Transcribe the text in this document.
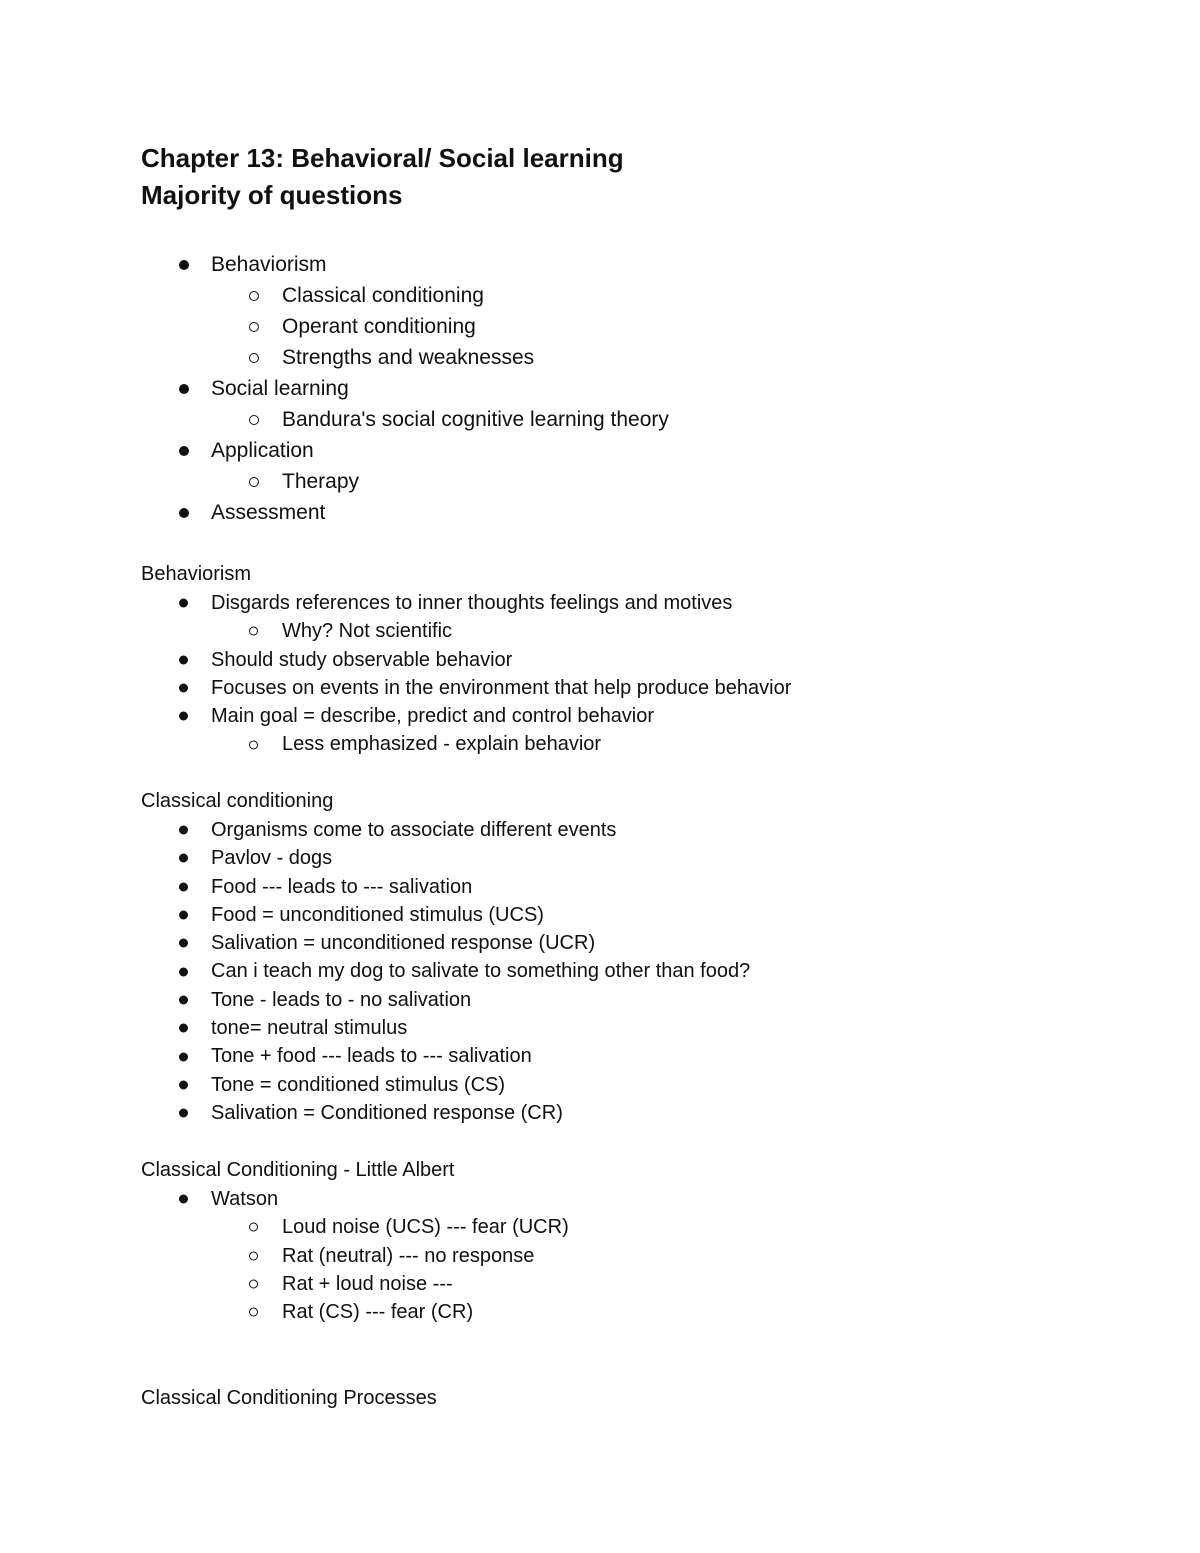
Chapter 13: Behavioral/ Social learning
Majority of questions
Behaviorism
Classical conditioning
Operant conditioning
Strengths and weaknesses
Social learning
Bandura's social cognitive learning theory
Application
Therapy
Assessment
Behaviorism
Disgards references to inner thoughts feelings and motives
Why? Not scientific
Should study observable behavior
Focuses on events in the environment that help produce behavior
Main goal = describe, predict and control behavior
Less emphasized - explain behavior
Classical conditioning
Organisms come to associate different events
Pavlov - dogs
Food --- leads to --- salivation
Food = unconditioned stimulus (UCS)
Salivation = unconditioned response (UCR)
Can i teach my dog to salivate to something other than food?
Tone - leads to - no salivation
tone= neutral stimulus
Tone + food --- leads to --- salivation
Tone = conditioned stimulus (CS)
Salivation = Conditioned response (CR)
Classical Conditioning - Little Albert
Watson
Loud noise (UCS) --- fear (UCR)
Rat (neutral) --- no response
Rat + loud noise ---
Rat (CS) --- fear (CR)
Classical Conditioning Processes
